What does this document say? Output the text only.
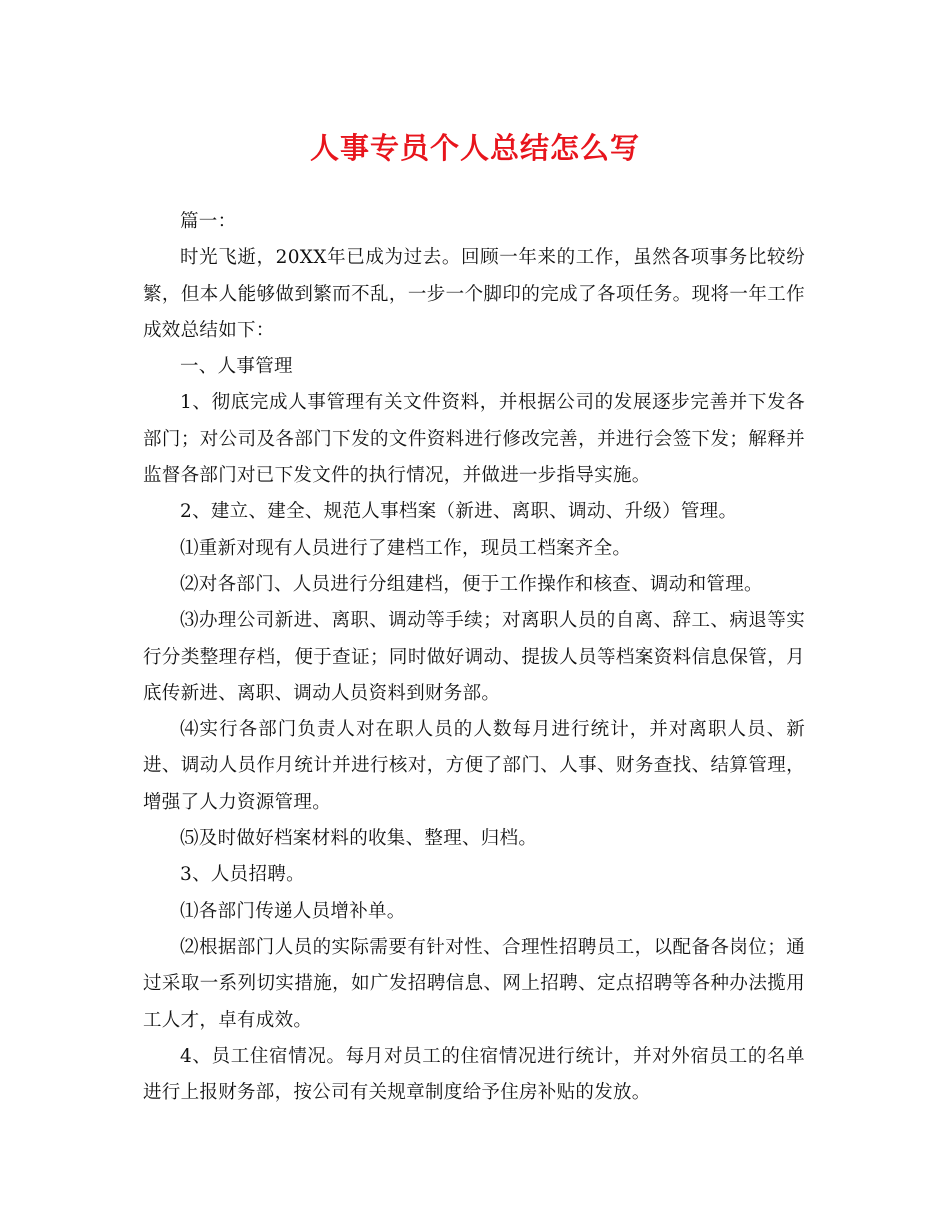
人事专员个人总结怎么写

篇一：

时光飞逝，20XX年已成为过去。回顾一年来的工作，虽然各项事务比较纷繁，但本人能够做到繁而不乱，一步一个脚印的完成了各项任务。现将一年工作成效总结如下：

一、人事管理

1、彻底完成人事管理有关文件资料，并根据公司的发展逐步完善并下发各部门；对公司及各部门下发的文件资料进行修改完善，并进行会签下发；解释并监督各部门对已下发文件的执行情况，并做进一步指导实施。

2、建立、建全、规范人事档案（新进、离职、调动、升级）管理。

⑴重新对现有人员进行了建档工作，现员工档案齐全。

⑵对各部门、人员进行分组建档，便于工作操作和核查、调动和管理。

⑶办理公司新进、离职、调动等手续；对离职人员的自离、辞工、病退等实行分类整理存档，便于查证；同时做好调动、提拔人员等档案资料信息保管，月底传新进、离职、调动人员资料到财务部。

⑷实行各部门负责人对在职人员的人数每月进行统计，并对离职人员、新进、调动人员作月统计并进行核对，方便了部门、人事、财务查找、结算管理，增强了人力资源管理。

⑸及时做好档案材料的收集、整理、归档。

3、人员招聘。

⑴各部门传递人员增补单。

⑵根据部门人员的实际需要有针对性、合理性招聘员工，以配备各岗位；通过采取一系列切实措施，如广发招聘信息、网上招聘、定点招聘等各种办法揽用工人才，卓有成效。

4、员工住宿情况。每月对员工的住宿情况进行统计，并对外宿员工的名单进行上报财务部，按公司有关规章制度给予住房补贴的发放。
